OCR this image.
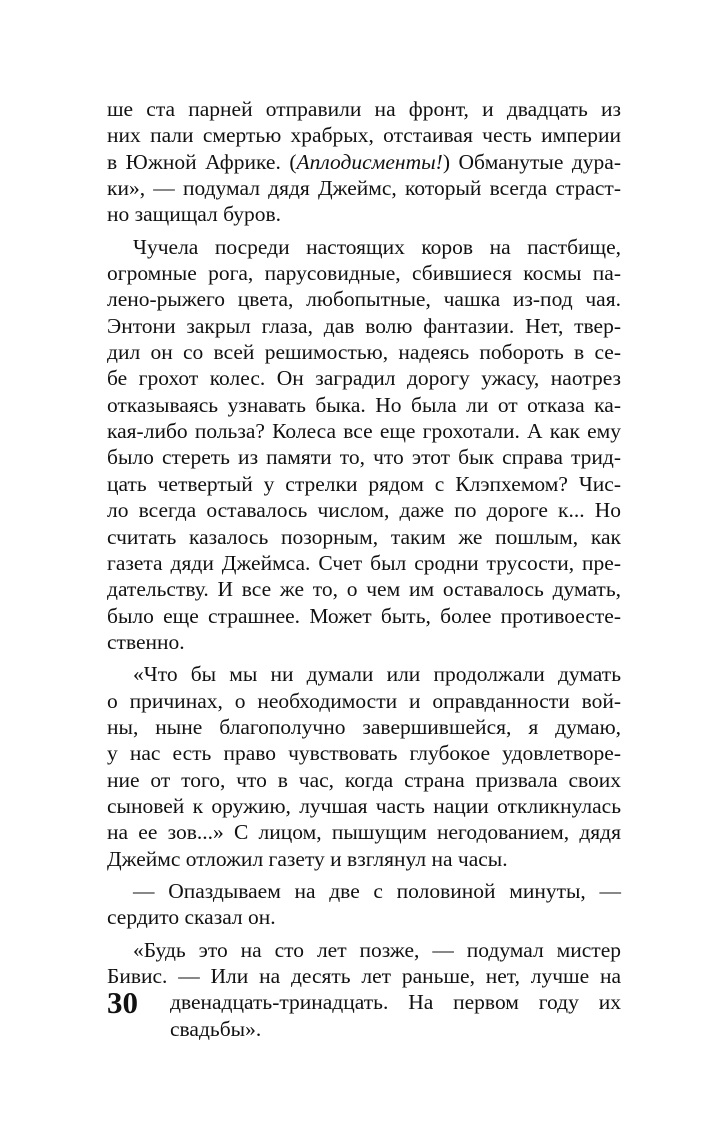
ше ста парней отправили на фронт, и двадцать из
них пали смертью храбрых, отстаивая честь империи
в Южной Африке. (Аплодисменты!) Обманутые дура-
ки», — подумал дядя Джеймс, который всегда страст-
но защищал буров.
Чучела посреди настоящих коров на пастбище,
огромные рога, парусовидные, сбившиеся космы па-
лено-рыжего цвета, любопытные, чашка из-под чая.
Энтони закрыл глаза, дав волю фантазии. Нет, твер-
дил он со всей решимостью, надеясь побороть в се-
бе грохот колес. Он заградил дорогу ужасу, наотрез
отказываясь узнавать быка. Но была ли от отказа ка-
кая-либо польза? Колеса все еще грохотали. А как ему
было стереть из памяти то, что этот бык справа трид-
цать четвертый у стрелки рядом с Клэпхемом? Чис-
ло всегда оставалось числом, даже по дороге к... Но
считать казалось позорным, таким же пошлым, как
газета дяди Джеймса. Счет был сродни трусости, пре-
дательству. И все же то, о чем им оставалось думать,
было еще страшнее. Может быть, более противоесте-
ственно.
«Что бы мы ни думали или продолжали думать
о причинах, о необходимости и оправданности вой-
ны, ныне благополучно завершившейся, я думаю,
у нас есть право чувствовать глубокое удовлетворе-
ние от того, что в час, когда страна призвала своих
сыновей к оружию, лучшая часть нации откликнулась
на ее зов...» С лицом, пышущим негодованием, дядя
Джеймс отложил газету и взглянул на часы.
— Опаздываем на две с половиной минуты, —
сердито сказал он.
«Будь это на сто лет позже, — подумал мистер
Бивис. — Или на десять лет раньше, нет, лучше на
двенадцать-тринадцать. На первом году их
свадьбы».
30
